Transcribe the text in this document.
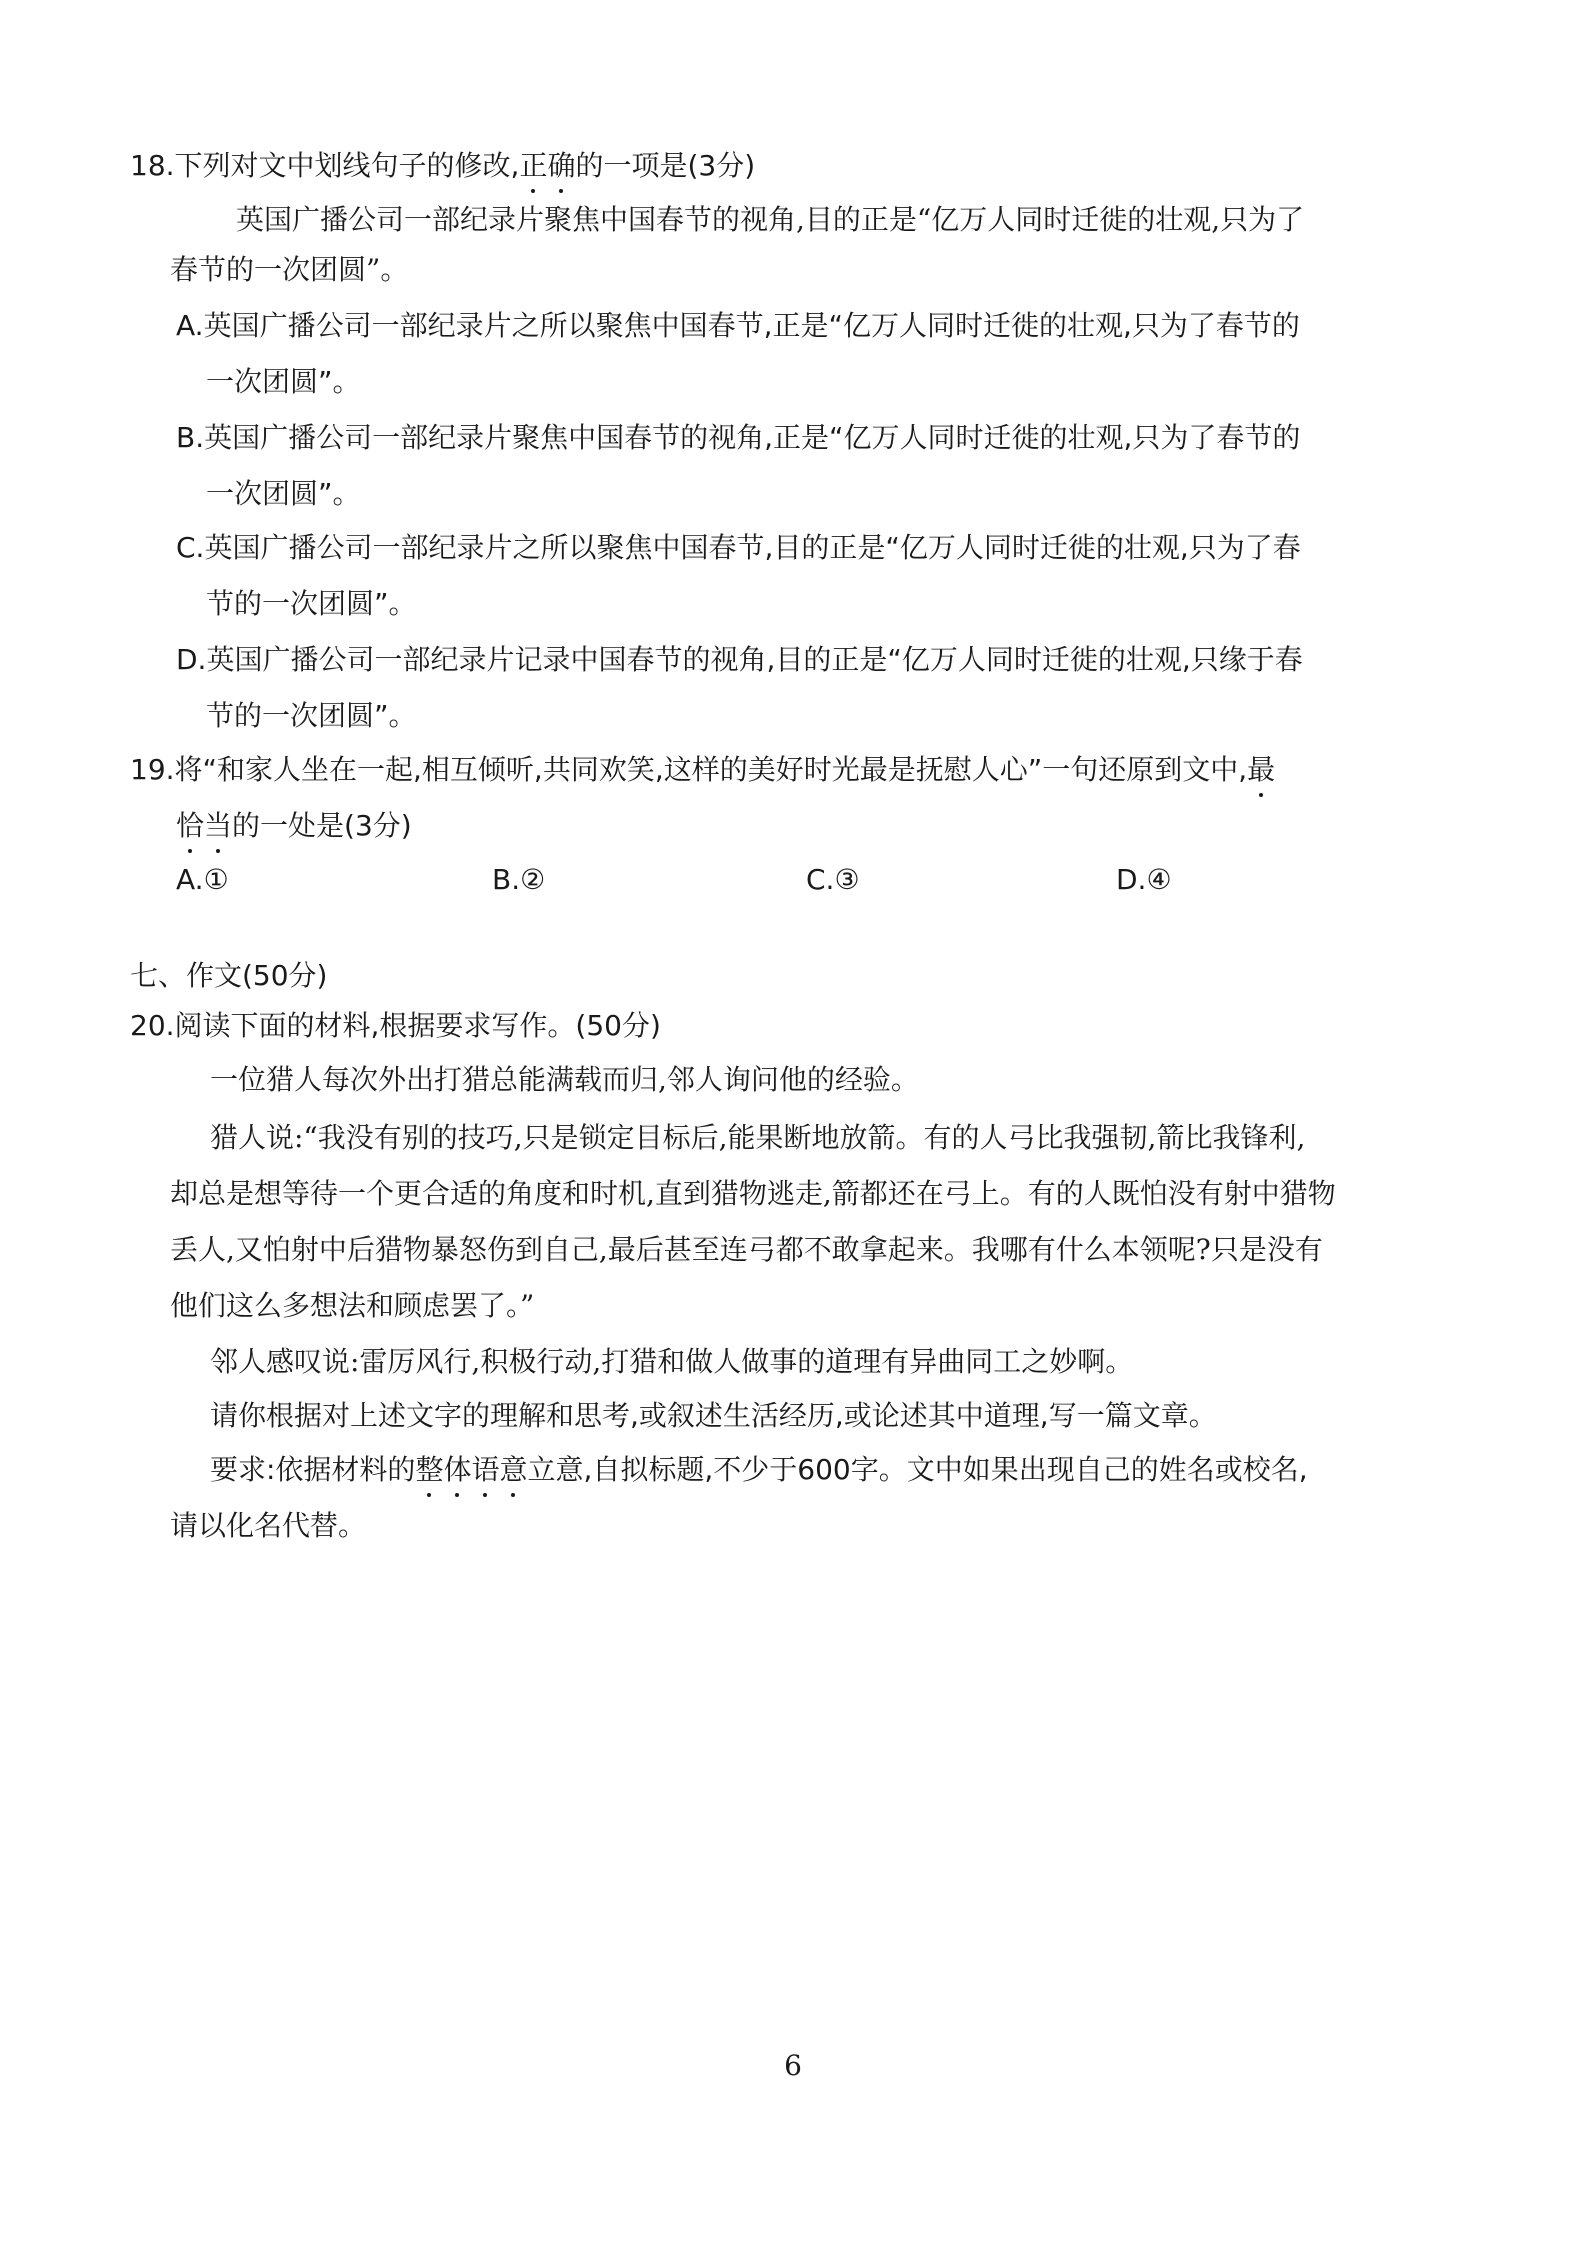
18.下列对文中划线句子的修改,正确的一项是(3分)
英国广播公司一部纪录片聚焦中国春节的视角,目的正是“亿万人同时迁徙的壮观,只为了
春节的一次团圆”。
A.英国广播公司一部纪录片之所以聚焦中国春节,正是“亿万人同时迁徙的壮观,只为了春节的
一次团圆”。
B.英国广播公司一部纪录片聚焦中国春节的视角,正是“亿万人同时迁徙的壮观,只为了春节的
一次团圆”。
C.英国广播公司一部纪录片之所以聚焦中国春节,目的正是“亿万人同时迁徙的壮观,只为了春
节的一次团圆”。
D.英国广播公司一部纪录片记录中国春节的视角,目的正是“亿万人同时迁徙的壮观,只缘于春
节的一次团圆”。
19.将“和家人坐在一起,相互倾听,共同欢笑,这样的美好时光最是抚慰人心”一句还原到文中,最
恰当的一处是(3分)
A.①	B.②	C.③	D.④
七、作文(50分)
20.阅读下面的材料,根据要求写作。(50分)
一位猎人每次外出打猎总能满载而归,邻人询问他的经验。
猎人说:“我没有别的技巧,只是锁定目标后,能果断地放箭。有的人弓比我强韧,箭比我锋利,
却总是想等待一个更合适的角度和时机,直到猎物逃走,箭都还在弓上。有的人既怕没有射中猎物
丢人,又怕射中后猎物暴怒伤到自己,最后甚至连弓都不敢拿起来。我哪有什么本领呢?只是没有
他们这么多想法和顾虑罢了。”
邻人感叹说:雷厉风行,积极行动,打猎和做人做事的道理有异曲同工之妙啊。
请你根据对上述文字的理解和思考,或叙述生活经历,或论述其中道理,写一篇文章。
要求:依据材料的整体语意立意,自拟标题,不少于600字。文中如果出现自己的姓名或校名,
请以化名代替。
6
